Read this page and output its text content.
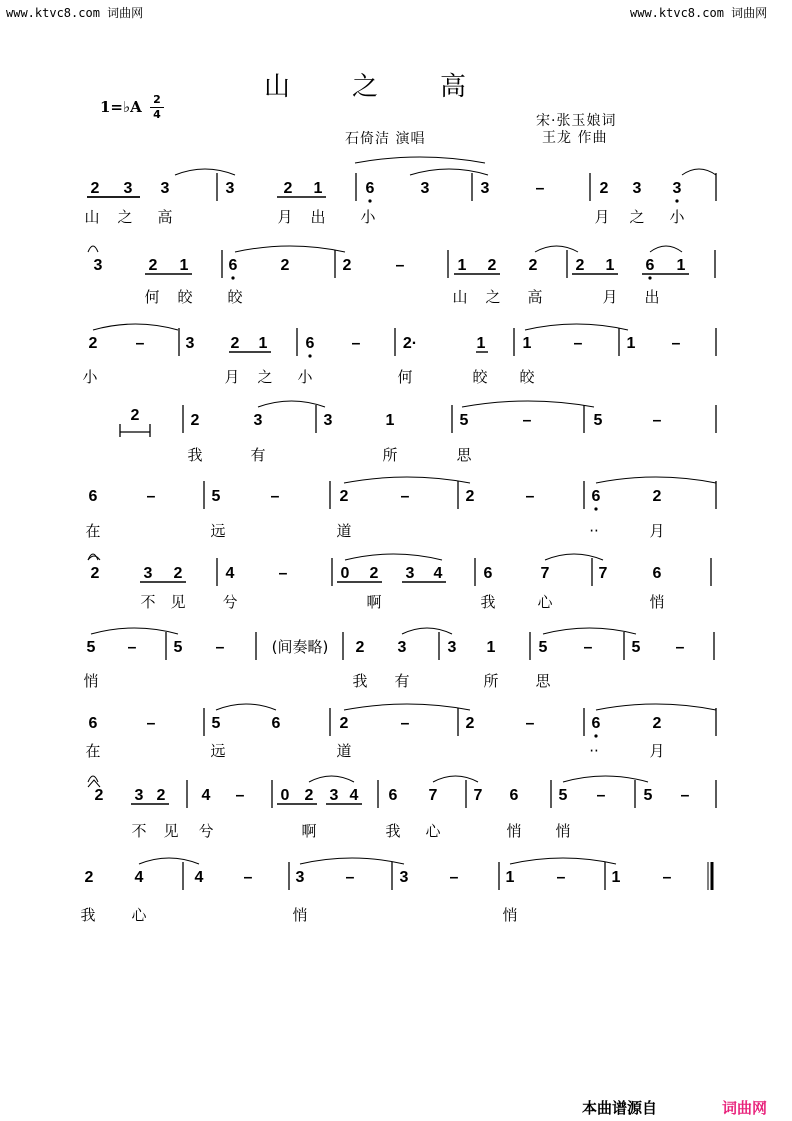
www.ktvc8.com 词曲网	www.ktvc8.com 词曲网
山之高
1=♭A 2
4	宋·张玉娘词
王龙 作曲
石倚洁 演唱
2 3 3	3	2 1	6	3	3	–	2 3 3
山 之 高	月 出 小	月 之 小
3	2 1	6	2	2	–	1 2 2 2 1 6 1
何 皎 皎	山 之 高	月 出
2 –	3 2 1 6 –	2·	1 1	–	1 –
小	月 之 小	何	皎 皎
2	3	3	1	5	–	5	–
我	有	所	思
6	–	5	–	2	–	2	–	6	2
在	远	道	··	月
2	3 2	4	–	0 2 3 4	6	7	7	6
不 见 兮	啊	我	心	悄
5 – 5 –	(间奏略) 2 3	3 1	5 – 5 –
悄	我 有	所 思
6	–	5	6	2	–	2	–	6	2
在	远	道	··	月
2 3 2 4 – 0 2 3 4 6 7 7 6	5 – 5 –
不 见 兮	啊	我 心	悄 悄
2	4	4	–	3	–	3	–	1	–	1	–
我 心	悄	悄
2
本曲谱源自	词曲网
